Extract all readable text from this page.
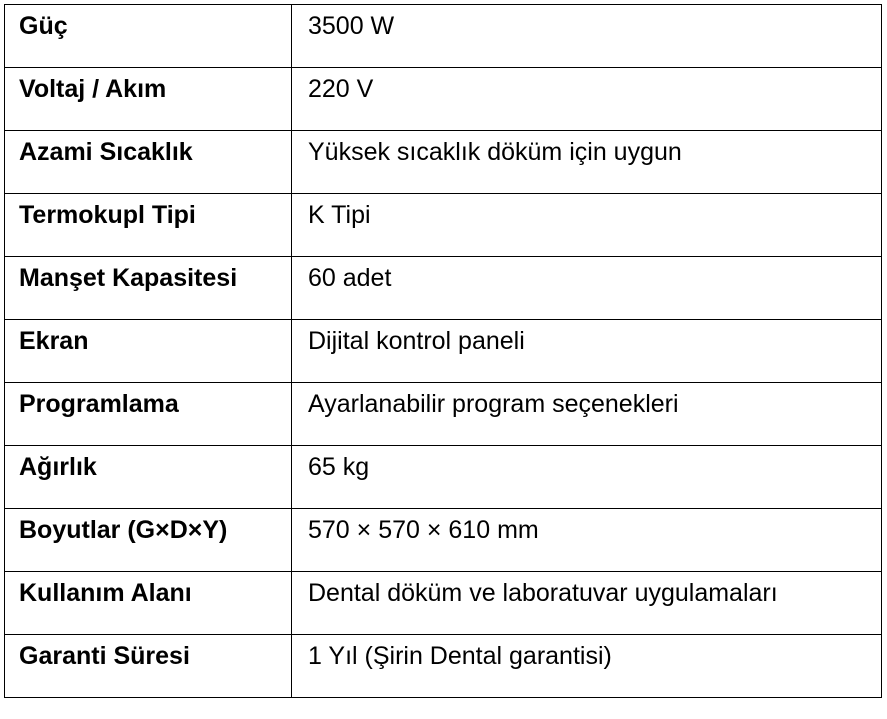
Güç	3500 W

Voltaj / Akım	220 V

Azami Sıcaklık	Yüksek sıcaklık döküm için uygun

Termokupl Tipi	K Tipi

Manşet Kapasitesi	60 adet

Ekran	Dijital kontrol paneli

Programlama	Ayarlanabilir program seçenekleri

Ağırlık	65 kg

Boyutlar (G×D×Y)	570 × 570 × 610 mm

Kullanım Alanı	Dental döküm ve laboratuvar uygulamaları

Garanti Süresi	1 Yıl (Şirin Dental garantisi)
